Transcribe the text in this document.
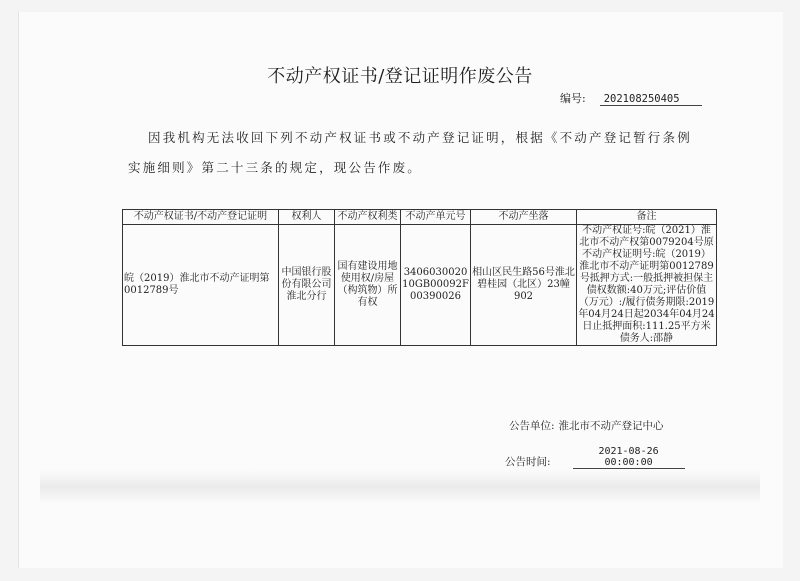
不动产权证书/登记证明作废公告
编号: 202108250405
因我机构无法收回下列不动产权证书或不动产登记证明，根据《不动产登记暂行条例
实施细则》第二十三条的规定，现公告作废。
不动产权证书/不动产登记证明	权利人	不动产权利类	不动产单元号	不动产坐落	备注
皖（2019）淮北市不动产证明第0012789号	中国银行股份有限公司淮北分行	国有建设用地使用权/房屋（构筑物）所有权	340603002010GB00092F00390026	相山区民生路56号淮北碧桂园（北区）23幢902	不动产权证号:皖（2021）淮北市不动产权第0079204号原不动产权证明号:皖（2019）淮北市不动产证明第0012789号抵押方式:一般抵押被担保主债权数额:40万元;评估价值（万元）:/履行债务期限:2019年04月24日起2034年04月24日止抵押面积:111.25平方米债务人:邵静
公告单位: 淮北市不动产登记中心
公告时间:2021-08-26 00:00:00
